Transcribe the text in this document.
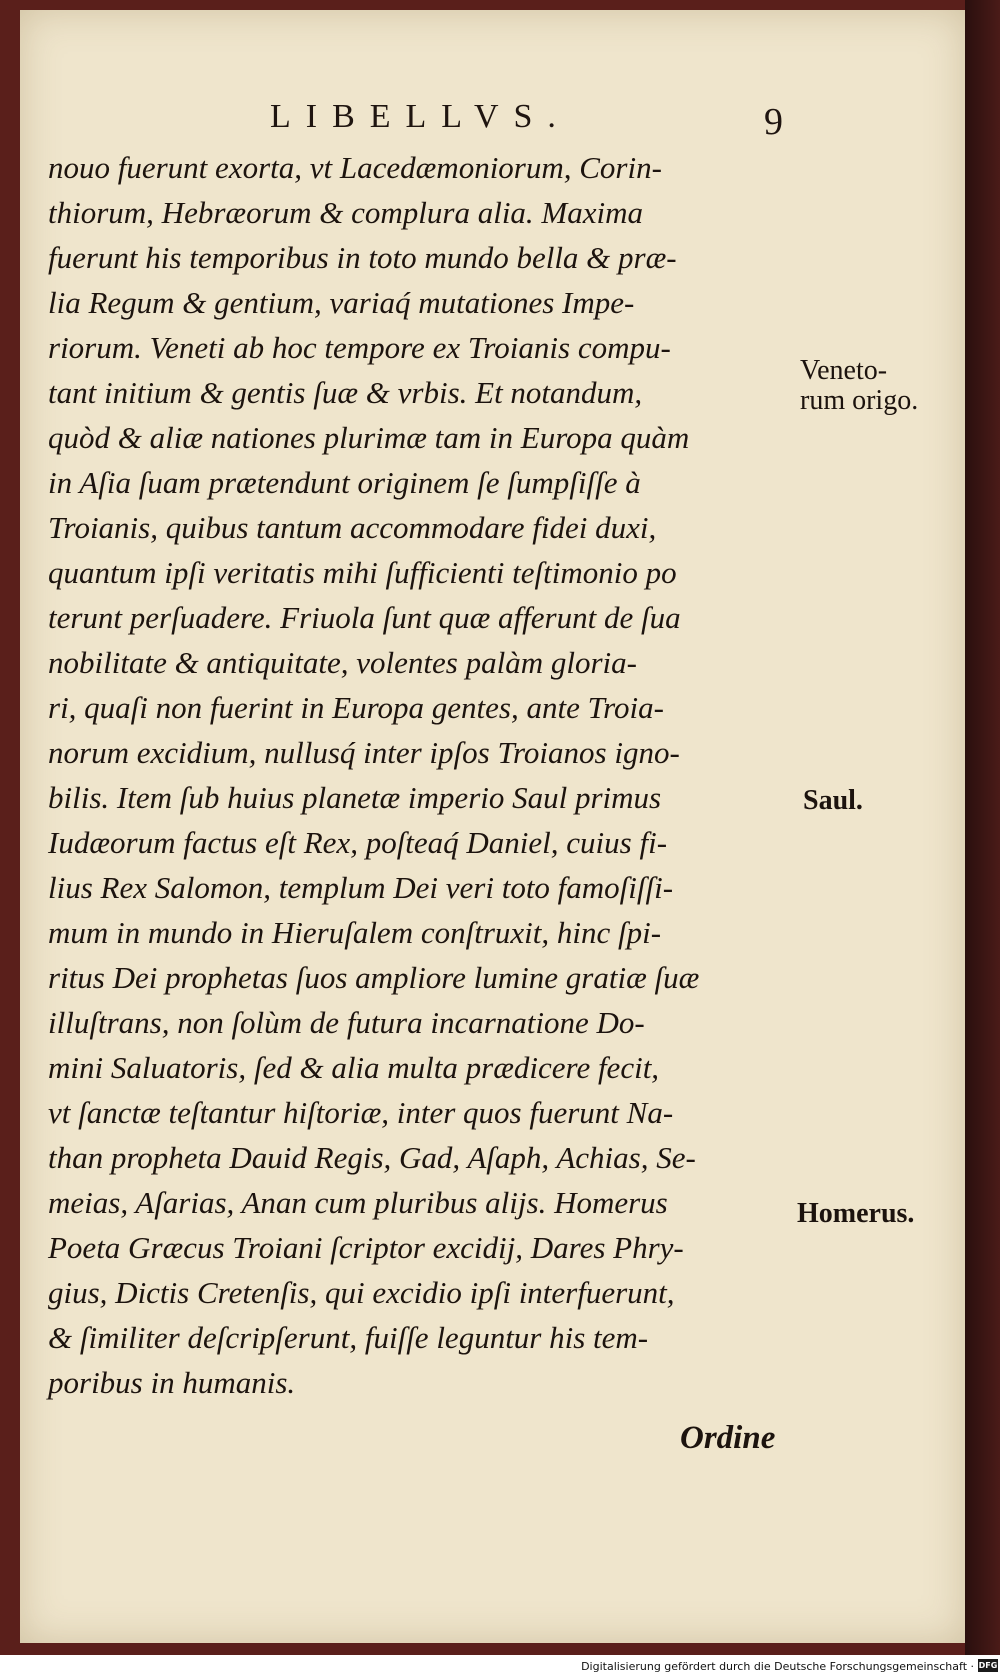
LIBELLVS.	9
nouo fuerunt exorta, vt Lacedæmoniorum, Corin-
thiorum, Hebræorum & complura alia. Maxima
fuerunt his temporibus in toto mundo bella & præ-
lia Regum & gentium, variaq́ mutationes Impe-
riorum. Veneti ab hoc tempore ex Troianis compu-
tant initium & gentis ſuæ & vrbis. Et notandum,
quòd & aliæ nationes plurimæ tam in Europa quàm
in Aſia ſuam prætendunt originem ſe ſumpſiſſe à
Troianis, quibus tantum accommodare fidei duxi,
quantum ipſi veritatis mihi ſufficienti teſtimonio po
terunt perſuadere. Friuola ſunt quæ afferunt de ſua
nobilitate & antiquitate, volentes palàm gloria-
ri, quaſi non fuerint in Europa gentes, ante Troia-
norum excidium, nullusq́ inter ipſos Troianos igno-
bilis. Item ſub huius planetæ imperio Saul primus
Iudæorum factus eſt Rex, poſteaq́ Daniel, cuius fi-
lius Rex Salomon, templum Dei veri toto famoſiſſi-
mum in mundo in Hieruſalem conſtruxit, hinc ſpi-
ritus Dei prophetas ſuos ampliore lumine gratiæ ſuæ
illuſtrans, non ſolùm de futura incarnatione Do-
mini Saluatoris, ſed & alia multa prædicere fecit,
vt ſanctæ teſtantur hiſtoriæ, inter quos fuerunt Na-
than propheta Dauid Regis, Gad, Aſaph, Achias, Se-
meias, Aſarias, Anan cum pluribus alijs. Homerus
Poeta Græcus Troiani ſcriptor excidij, Dares Phry-
gius, Dictis Cretenſis, qui excidio ipſi interfuerunt,
& ſimiliter deſcripſerunt, fuiſſe leguntur his tem-
poribus in humanis.
Veneto-
rum origo.
Saul.
Homerus.
Ordine
Digitalisierung gefördert durch die Deutsche Forschungsgemeinschaft · DFG
